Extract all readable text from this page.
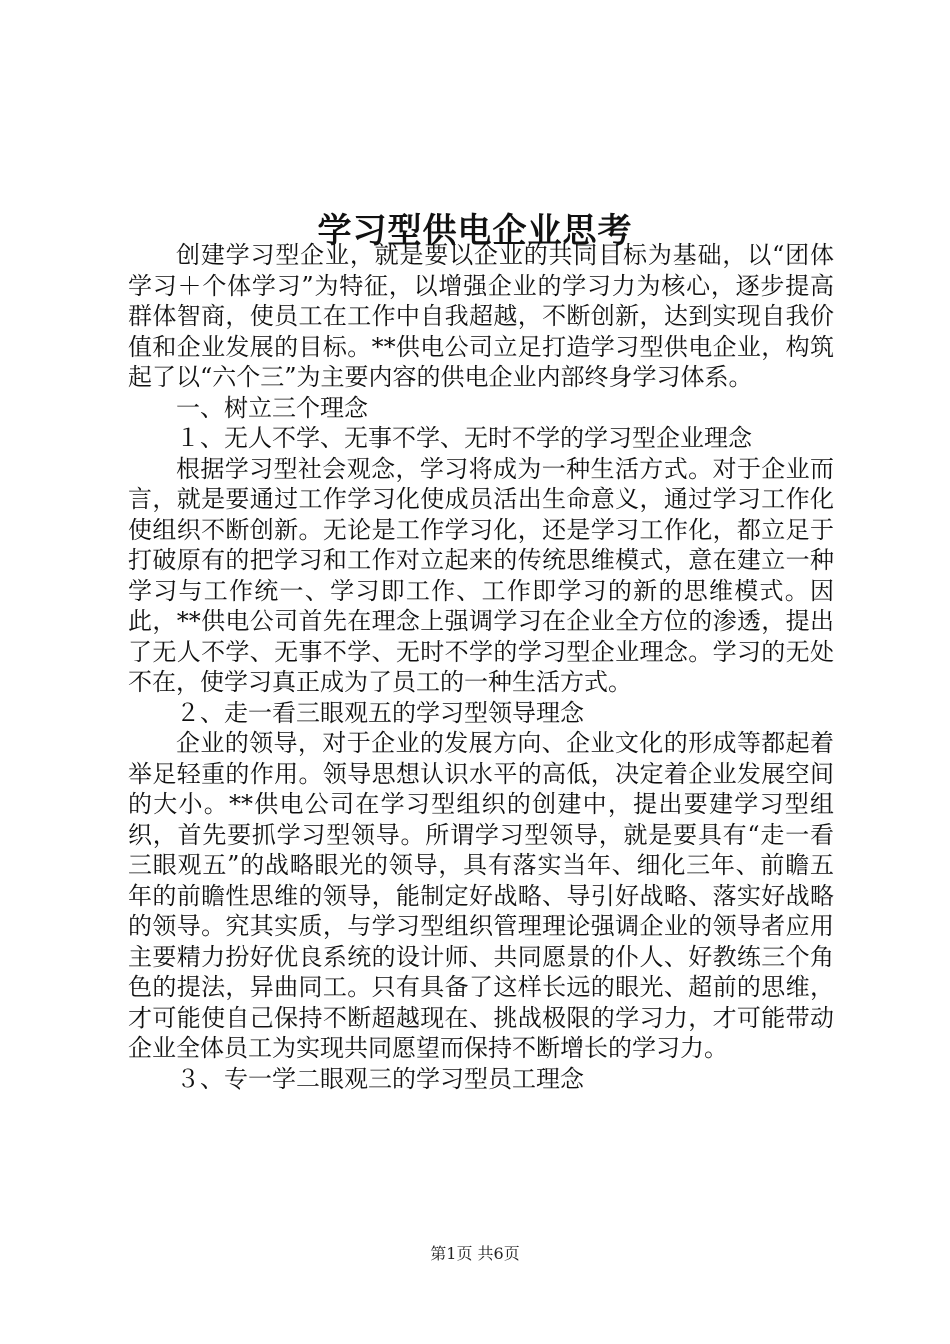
学习型供电企业思考

创建学习型企业，就是要以企业的共同目标为基础，以“团体学习＋个体学习”为特征，以增强企业的学习力为核心，逐步提高群体智商，使员工在工作中自我超越，不断创新，达到实现自我价值和企业发展的目标。**供电公司立足打造学习型供电企业，构筑起了以“六个三”为主要内容的供电企业内部终身学习体系。

一、树立三个理念

１、无人不学、无事不学、无时不学的学习型企业理念

根据学习型社会观念，学习将成为一种生活方式。对于企业而言，就是要通过工作学习化使成员活出生命意义，通过学习工作化使组织不断创新。无论是工作学习化，还是学习工作化，都立足于打破原有的把学习和工作对立起来的传统思维模式，意在建立一种学习与工作统一、学习即工作、工作即学习的新的思维模式。因此，**供电公司首先在理念上强调学习在企业全方位的渗透，提出了无人不学、无事不学、无时不学的学习型企业理念。学习的无处不在，使学习真正成为了员工的一种生活方式。

２、走一看三眼观五的学习型领导理念

企业的领导，对于企业的发展方向、企业文化的形成等都起着举足轻重的作用。领导思想认识水平的高低，决定着企业发展空间的大小。**供电公司在学习型组织的创建中，提出要建学习型组织，首先要抓学习型领导。所谓学习型领导，就是要具有“走一看三眼观五”的战略眼光的领导，具有落实当年、细化三年、前瞻五年的前瞻性思维的领导，能制定好战略、导引好战略、落实好战略的领导。究其实质，与学习型组织管理理论强调企业的领导者应用主要精力扮好优良系统的设计师、共同愿景的仆人、好教练三个角色的提法，异曲同工。只有具备了这样长远的眼光、超前的思维，才可能使自己保持不断超越现在、挑战极限的学习力，才可能带动企业全体员工为实现共同愿望而保持不断增长的学习力。

３、专一学二眼观三的学习型员工理念

第1页 共6页
